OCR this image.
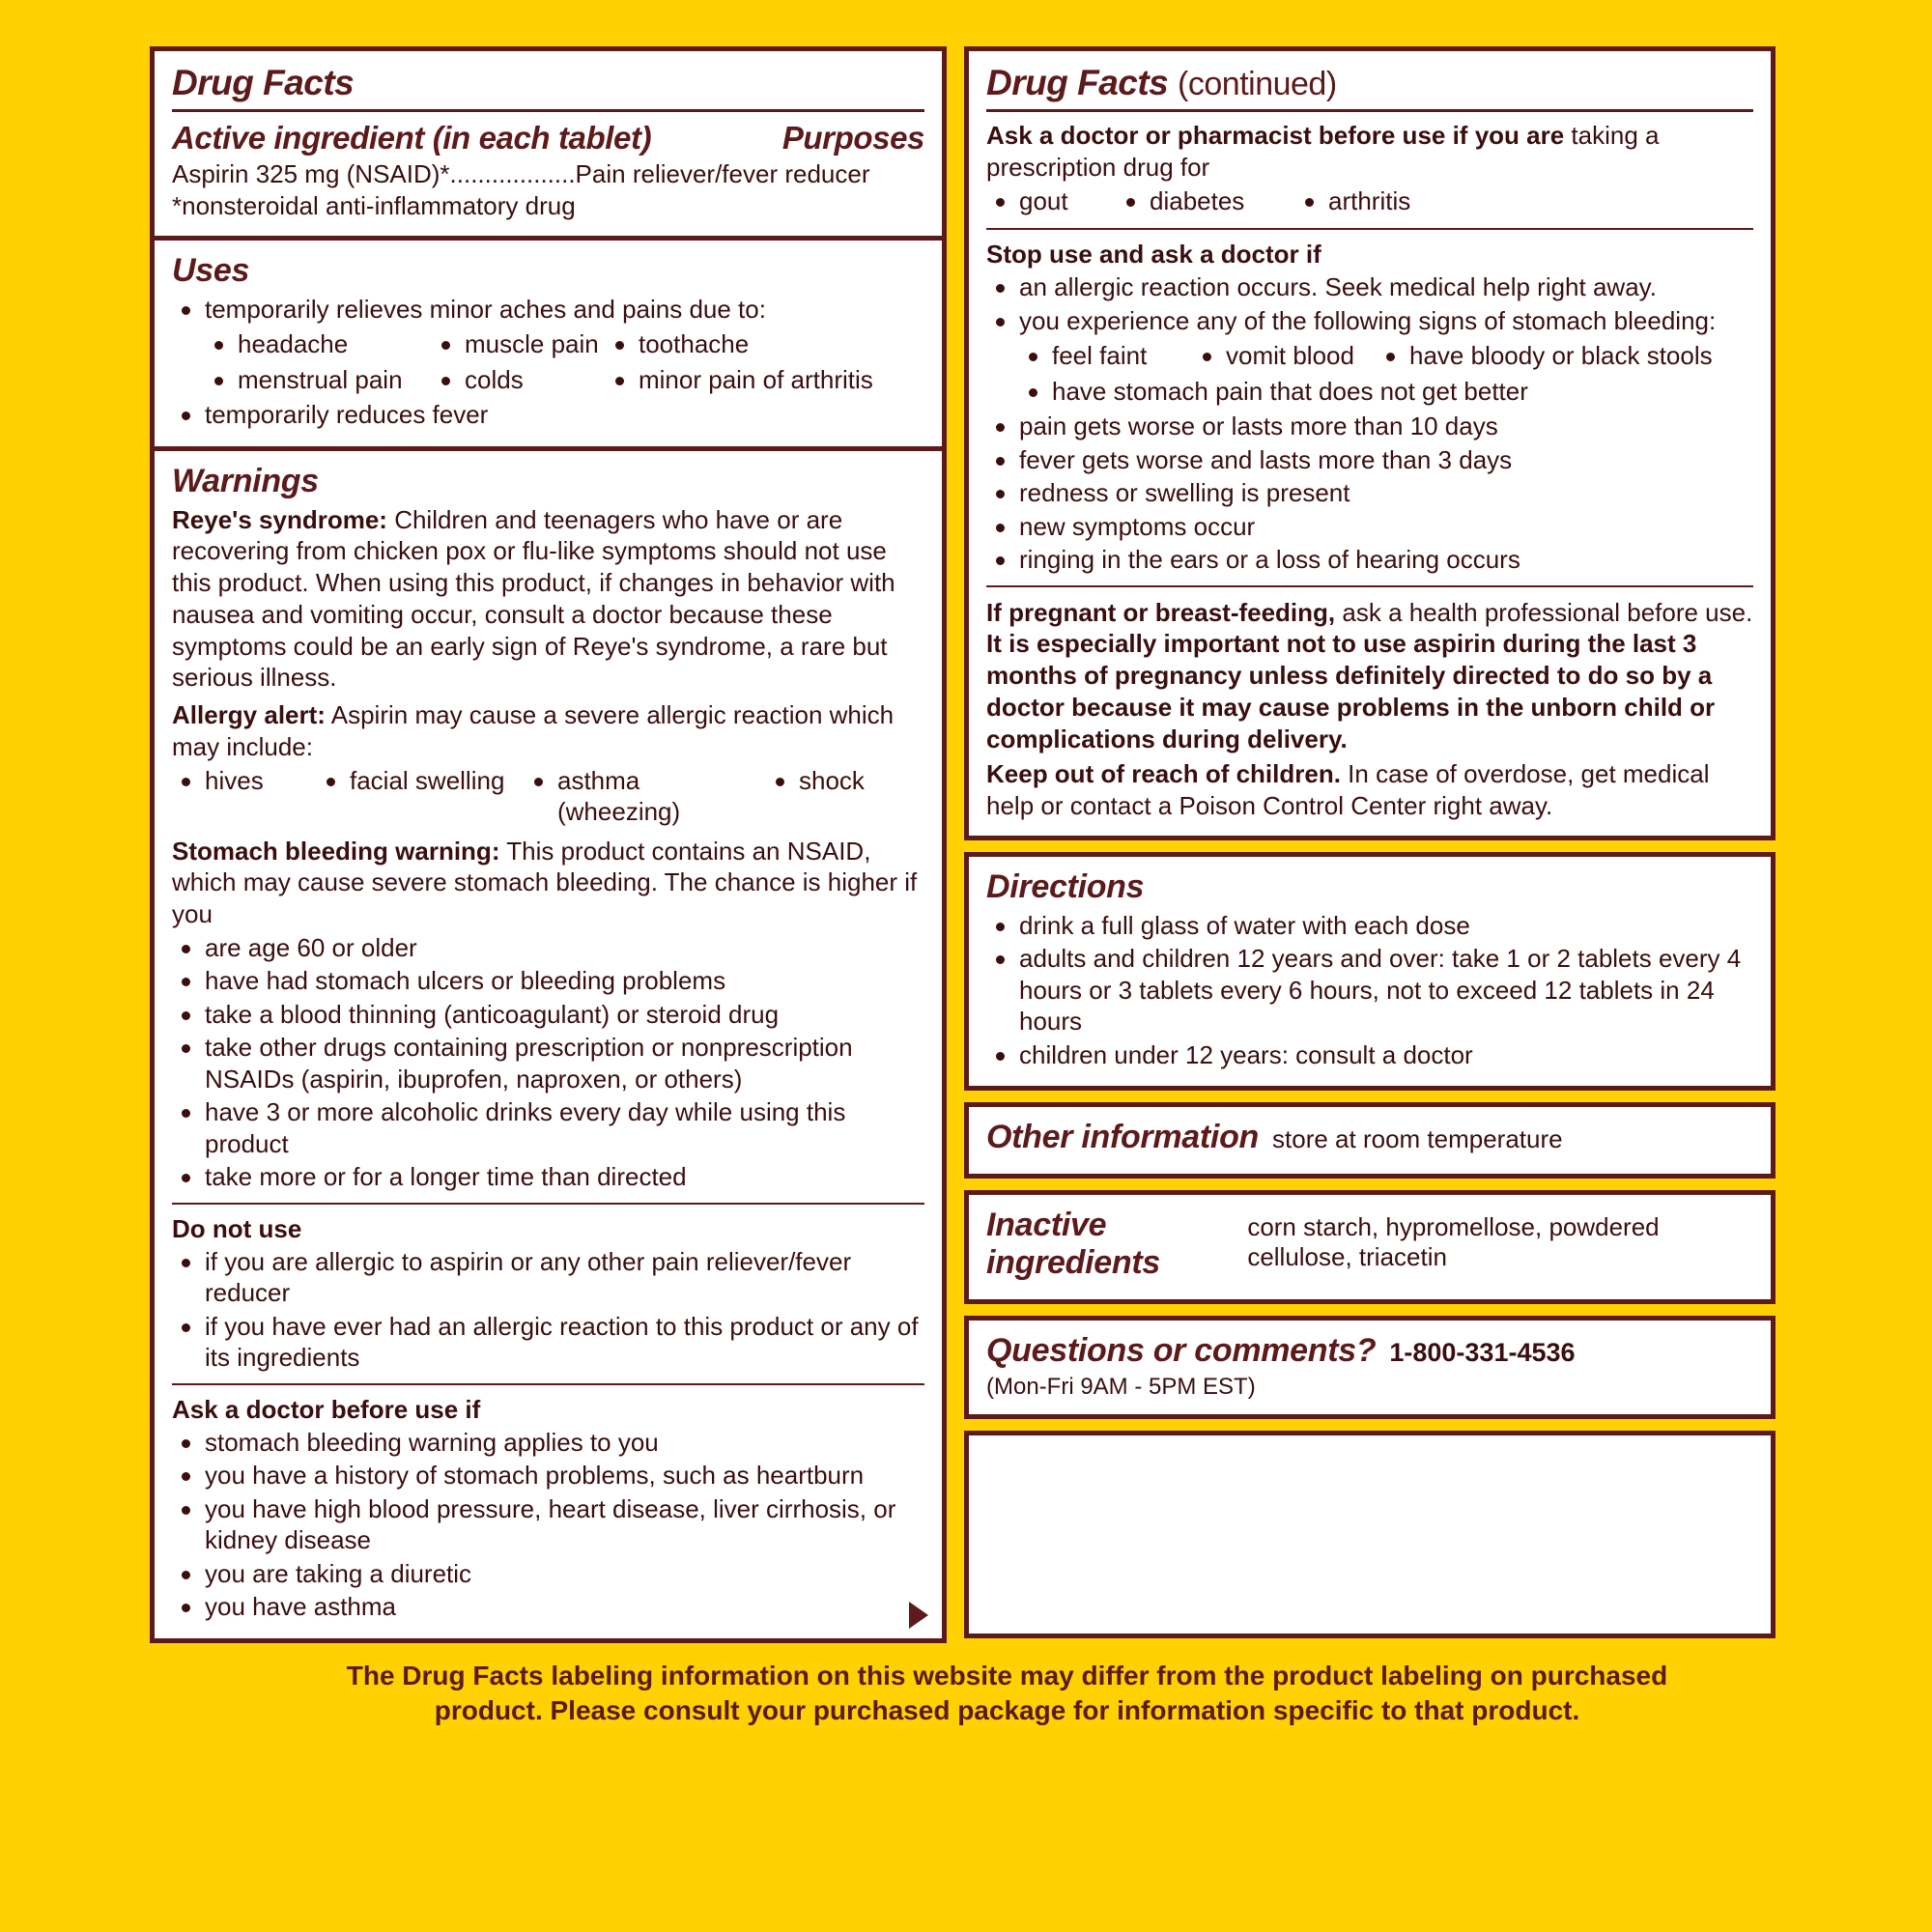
Drug Facts
Active ingredient (in each tablet)	Purposes
Aspirin 325 mg (NSAID)*..................Pain reliever/fever reducer
*nonsteroidal anti-inflammatory drug
Uses
temporarily relieves minor aches and pains due to:
headache	muscle pain	toothache
menstrual pain	colds	minor pain of arthritis
temporarily reduces fever
Warnings
Reye's syndrome: Children and teenagers who have or are recovering from chicken pox or flu-like symptoms should not use this product. When using this product, if changes in behavior with nausea and vomiting occur, consult a doctor because these symptoms could be an early sign of Reye's syndrome, a rare but serious illness.
Allergy alert: Aspirin may cause a severe allergic reaction which may include:
hives	facial swelling	asthma (wheezing)
shock
Stomach bleeding warning: This product contains an NSAID, which may cause severe stomach bleeding. The chance is higher if you
are age 60 or older
have had stomach ulcers or bleeding problems
take a blood thinning (anticoagulant) or steroid drug
take other drugs containing prescription or nonprescription NSAIDs (aspirin, ibuprofen, naproxen, or others)
have 3 or more alcoholic drinks every day while using this product
take more or for a longer time than directed
Do not use
if you are allergic to aspirin or any other pain reliever/fever reducer
if you have ever had an allergic reaction to this product or any of its ingredients
Ask a doctor before use if
stomach bleeding warning applies to you
you have a history of stomach problems, such as heartburn
you have high blood pressure, heart disease, liver cirrhosis, or kidney disease
you are taking a diuretic
you have asthma
Drug Facts (continued)
Ask a doctor or pharmacist before use if you are taking a prescription drug for
gout	diabetes	arthritis
Stop use and ask a doctor if
an allergic reaction occurs. Seek medical help right away.
you experience any of the following signs of stomach bleeding:
feel faint	vomit blood	have bloody or black stools
have stomach pain that does not get better
pain gets worse or lasts more than 10 days
fever gets worse and lasts more than 3 days
redness or swelling is present
new symptoms occur
ringing in the ears or a loss of hearing occurs
If pregnant or breast-feeding, ask a health professional before use.
It is especially important not to use aspirin during the last 3 months of pregnancy unless definitely directed to do so by a doctor because it may cause problems in the unborn child or complications during delivery.
Keep out of reach of children. In case of overdose, get medical help or contact a Poison Control Center right away.
Directions
drink a full glass of water with each dose
adults and children 12 years and over: take 1 or 2 tablets every 4 hours or 3 tablets every 6 hours, not to exceed 12 tablets in 24 hours
children under 12 years: consult a doctor
Other information store at room temperature
Inactive ingredients
corn starch, hypromellose, powdered cellulose, triacetin
Questions or comments? 1-800-331-4536
(Mon-Fri 9AM - 5PM EST)
The Drug Facts labeling information on this website may differ from the product labeling on purchased
product. Please consult your purchased package for information specific to that product.
